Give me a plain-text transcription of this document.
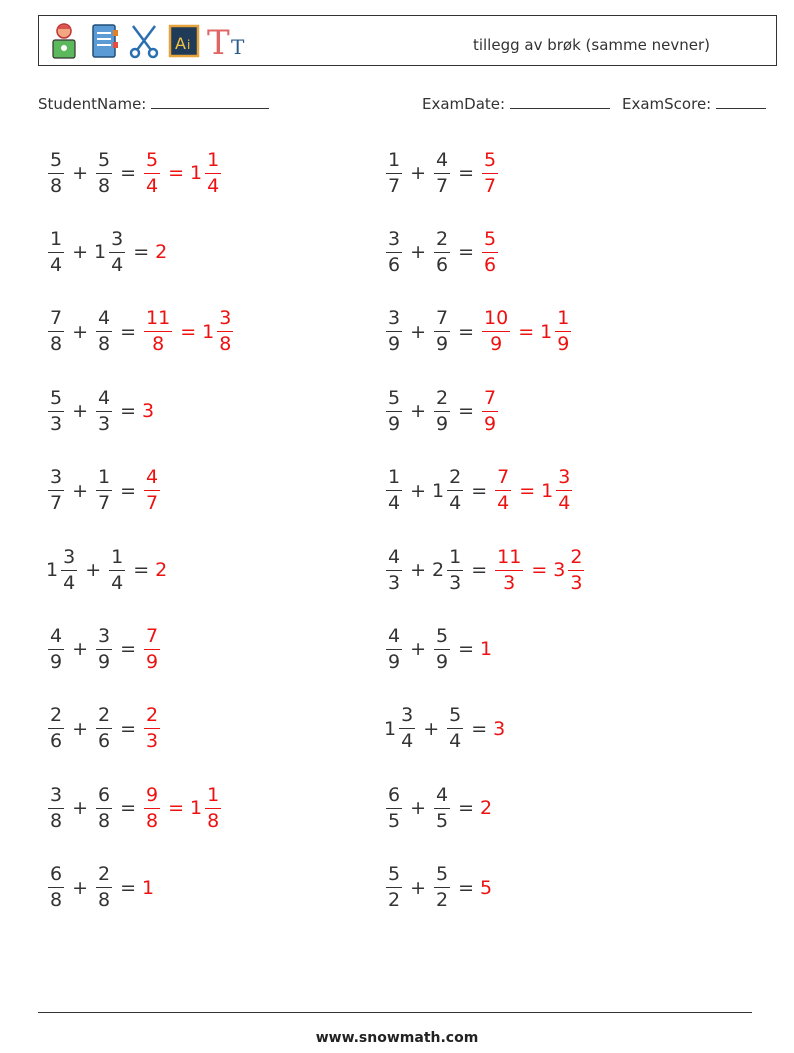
A i T T	tillegg av brøk (samme nevner)
StudentName:	ExamDate:	ExamScore:
$\frac{5}{8} + \frac{5}{8} = \frac{5}{4} = 1 \frac{1}{4}$
$\frac{1}{4} + 1 \frac{3}{4} = 2$
$\frac{7}{8} + \frac{4}{8} = \frac{11}{8} = 1 \frac{3}{8}$
$\frac{5}{3} + \frac{4}{3} = 3$
$\frac{3}{7} + \frac{1}{7} = \frac{4}{7}$
$1 \frac{3}{4} + \frac{1}{4} = 2$
$\frac{4}{9} + \frac{3}{9} = \frac{7}{9}$
$\frac{2}{6} + \frac{2}{6} = \frac{2}{3}$
$\frac{3}{8} + \frac{6}{8} = \frac{9}{8} = 1 \frac{1}{8}$
$\frac{6}{8} + \frac{2}{8} = 1$
$\frac{1}{7} + \frac{4}{7} = \frac{5}{7}$
$\frac{3}{6} + \frac{2}{6} = \frac{5}{6}$
$\frac{3}{9} + \frac{7}{9} = \frac{10}{9} = 1 \frac{1}{9}$
$\frac{5}{9} + \frac{2}{9} = \frac{7}{9}$
$\frac{1}{4} + 1 \frac{2}{4} = \frac{7}{4} = 1 \frac{3}{4}$
$\frac{4}{3} + 2 \frac{1}{3} = \frac{11}{3} = 3 \frac{2}{3}$
$\frac{4}{9} + \frac{5}{9} = 1$
$1 \frac{3}{4} + \frac{5}{4} = 3$
$\frac{6}{5} + \frac{4}{5} = 2$
$\frac{5}{2} + \frac{5}{2} = 5$
www.snowmath.com
